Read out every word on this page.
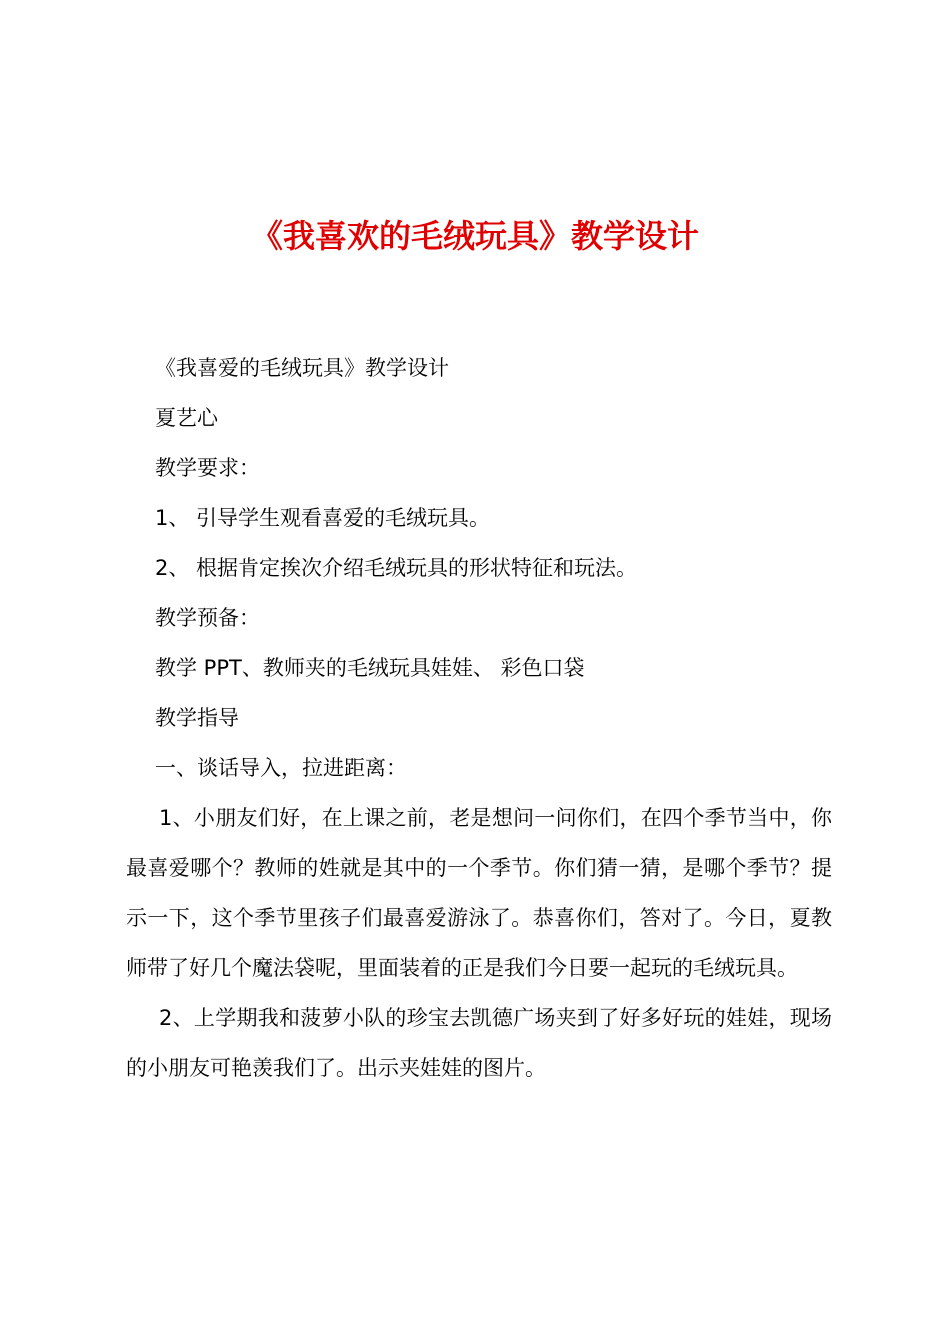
《我喜欢的毛绒玩具》教学设计

《我喜爱的毛绒玩具》教学设计

夏艺心

教学要求：

1、 引导学生观看喜爱的毛绒玩具。

2、 根据肯定挨次介绍毛绒玩具的形状特征和玩法。

教学预备：

教学 PPT、教师夹的毛绒玩具娃娃、 彩色口袋

教学指导

一、谈话导入，拉进距离：

1、小朋友们好，在上课之前，老是想问一问你们，在四个季节当中，你最喜爱哪个？教师的姓就是其中的一个季节。你们猜一猜，是哪个季节？提示一下，这个季节里孩子们最喜爱游泳了。恭喜你们，答对了。今日，夏教师带了好几个魔法袋呢，里面装着的正是我们今日要一起玩的毛绒玩具。

2、上学期我和菠萝小队的珍宝去凯德广场夹到了好多好玩的娃娃，现场的小朋友可艳羡我们了。出示夹娃娃的图片。
